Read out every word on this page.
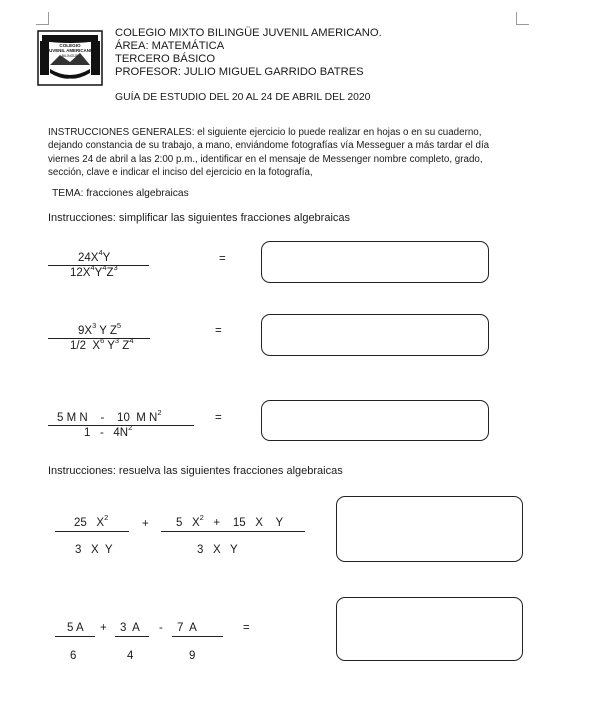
COLEGIO
JUVENIL AMERICANO
BILINGÜE
CHIMALTENANGO
COLEGIO MIXTO BILINGÜE JUVENIL AMERICANO.
ÁREA: MATEMÁTICA
TERCERO BÁSICO
PROFESOR: JULIO MIGUEL GARRIDO BATRES
GUÍA DE ESTUDIO DEL 20 AL 24 DE ABRIL DEL 2020
INSTRUCCIONES GENERALES: el siguiente ejercicio lo puede realizar en hojas o en su cuaderno, dejando constancia de su trabajo, a mano, enviándome fotografías vía Messeguer a más tardar el día viernes 24 de abril a las 2:00 p.m., identificar en el mensaje de Messenger nombre completo, grado, sección, clave e indicar el inciso del ejercicio en la fotografía,
TEMA: fracciones algebraicas
Instrucciones: simplificar las siguientes fracciones algebraicas
$24X^4Y$
$12X^4Y^4Z^3$
=
$9X^3$ Y $Z^5$
1/2  $X^6$ $Y^3$ $Z^4$
=
5 M N    -    10  M $N^2$
$1 - 4N^2$
=
Instrucciones: resuelva las siguientes fracciones algebraicas
25   $X^2$
3   X  Y
+ 5   $X^2$   +    15   X    Y
3   X   Y
5 A
6
+ 3  A
4
- 7  A
9
=
